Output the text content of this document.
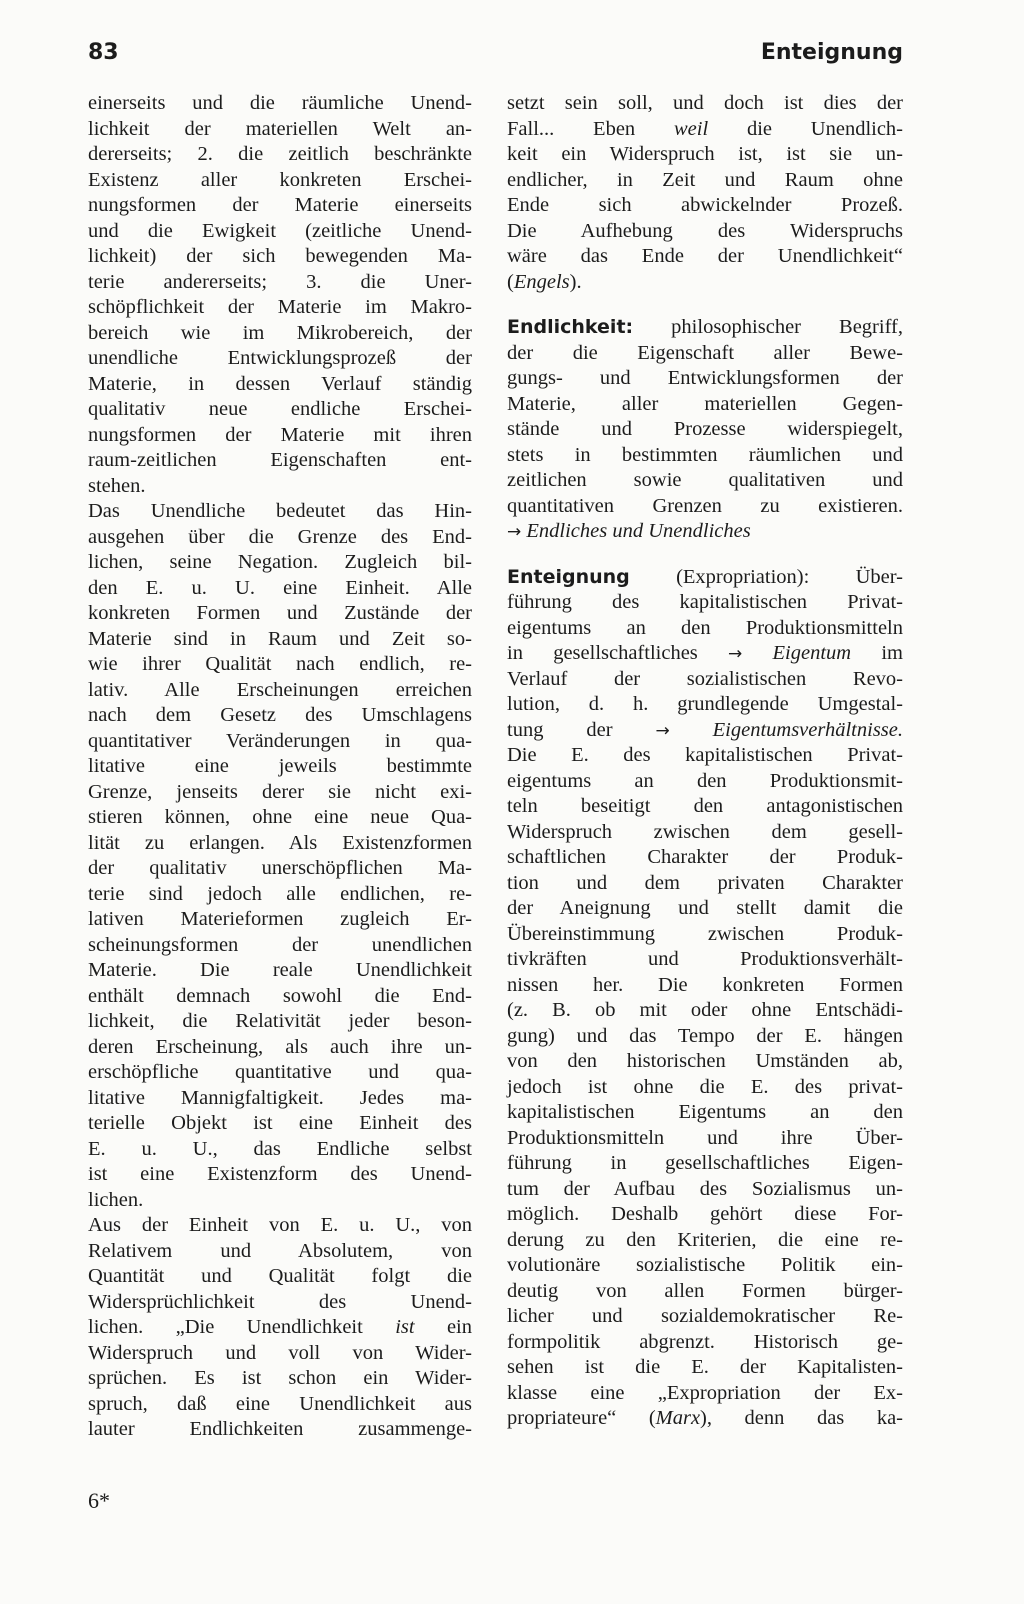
83	Enteignung
einerseits und die räumliche Unend-
lichkeit der materiellen Welt an-
dererseits; 2. die zeitlich beschränkte
Existenz aller konkreten Erschei-
nungsformen der Materie einerseits
und die Ewigkeit (zeitliche Unend-
lichkeit) der sich bewegenden Ma-
terie andererseits; 3. die Uner-
schöpflichkeit der Materie im Makro-
bereich wie im Mikrobereich, der
unendliche Entwicklungsprozeß der
Materie, in dessen Verlauf ständig
qualitativ neue endliche Erschei-
nungsformen der Materie mit ihren
raum-zeitlichen Eigenschaften ent-
stehen.
Das Unendliche bedeutet das Hin-
ausgehen über die Grenze des End-
lichen, seine Negation. Zugleich bil-
den E. u. U. eine Einheit. Alle
konkreten Formen und Zustände der
Materie sind in Raum und Zeit so-
wie ihrer Qualität nach endlich, re-
lativ. Alle Erscheinungen erreichen
nach dem Gesetz des Umschlagens
quantitativer Veränderungen in qua-
litative eine jeweils bestimmte
Grenze, jenseits derer sie nicht exi-
stieren können, ohne eine neue Qua-
lität zu erlangen. Als Existenzformen
der qualitativ unerschöpflichen Ma-
terie sind jedoch alle endlichen, re-
lativen Materieformen zugleich Er-
scheinungsformen der unendlichen
Materie. Die reale Unendlichkeit
enthält demnach sowohl die End-
lichkeit, die Relativität jeder beson-
deren Erscheinung, als auch ihre un-
erschöpfliche quantitative und qua-
litative Mannigfaltigkeit. Jedes ma-
terielle Objekt ist eine Einheit des
E. u. U., das Endliche selbst
ist eine Existenzform des Unend-
lichen.
Aus der Einheit von E. u. U., von
Relativem und Absolutem, von
Quantität und Qualität folgt die
Widersprüchlichkeit des Unend-
lichen. „Die Unendlichkeit ist ein
Widerspruch und voll von Wider-
sprüchen. Es ist schon ein Wider-
spruch, daß eine Unendlichkeit aus
lauter Endlichkeiten zusammenge-
setzt sein soll, und doch ist dies der
Fall... Eben weil die Unendlich-
keit ein Widerspruch ist, ist sie un-
endlicher, in Zeit und Raum ohne
Ende sich abwickelnder Prozeß.
Die Aufhebung des Widerspruchs
wäre das Ende der Unendlichkeit“
(Engels).
Endlichkeit: philosophischer Begriff,
der die Eigenschaft aller Bewe-
gungs- und Entwicklungsformen der
Materie, aller materiellen Gegen-
stände und Prozesse widerspiegelt,
stets in bestimmten räumlichen und
zeitlichen sowie qualitativen und
quantitativen Grenzen zu existieren.
→ Endliches und Unendliches
Enteignung (Expropriation): Über-
führung des kapitalistischen Privat-
eigentums an den Produktionsmitteln
in gesellschaftliches → Eigentum im
Verlauf der sozialistischen Revo-
lution, d. h. grundlegende Umgestal-
tung der → Eigentumsverhältnisse.
Die E. des kapitalistischen Privat-
eigentums an den Produktionsmit-
teln beseitigt den antagonistischen
Widerspruch zwischen dem gesell-
schaftlichen Charakter der Produk-
tion und dem privaten Charakter
der Aneignung und stellt damit die
Übereinstimmung zwischen Produk-
tivkräften und Produktionsverhält-
nissen her. Die konkreten Formen
(z. B. ob mit oder ohne Entschädi-
gung) und das Tempo der E. hängen
von den historischen Umständen ab,
jedoch ist ohne die E. des privat-
kapitalistischen Eigentums an den
Produktionsmitteln und ihre Über-
führung in gesellschaftliches Eigen-
tum der Aufbau des Sozialismus un-
möglich. Deshalb gehört diese For-
derung zu den Kriterien, die eine re-
volutionäre sozialistische Politik ein-
deutig von allen Formen bürger-
licher und sozialdemokratischer Re-
formpolitik abgrenzt. Historisch ge-
sehen ist die E. der Kapitalisten-
klasse eine „Expropriation der Ex-
propriateure“ (Marx), denn das ka-
6*
